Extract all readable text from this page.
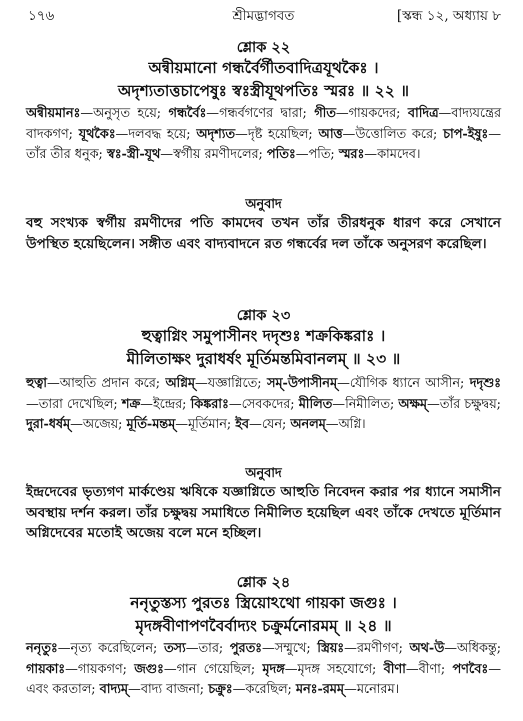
১৭৬	শ্রীমদ্ভাগবত	[স্কন্ধ ১২, অধ্যায় ৮
শ্লোক ২২
অন্বীয়মানো গন্ধর্বৈর্গীতবাদিত্রযূথকৈঃ ।
অদৃশ্যতাত্তচাপেষুঃ স্বঃস্ত্রীযূথপতিঃ স্মরঃ ॥ ২২ ॥
অন্বীয়মানঃ—অনুসৃত হয়ে; গন্ধর্বৈঃ—গন্ধর্বগণের দ্বারা; গীত—গায়কদের; বাদিত্র—বাদ্যযন্ত্রের বাদকগণ; যূথকৈঃ—দলবদ্ধ হয়ে; অদৃশ্যত—দৃষ্ট হয়েছিল; আত্ত—উত্তোলিত করে; চাপ-ইষুঃ—তাঁর তীর ধনুক; স্বঃ-স্ত্রী-যূথ—স্বর্গীয় রমণীদলের; পতিঃ—পতি; স্মরঃ—কামদেব।
অনুবাদ
বহু সংখ্যক স্বর্গীয় রমণীদের পতি কামদেব তখন তাঁর তীরধনুক ধারণ করে সেখানে উপস্থিত হয়েছিলেন। সঙ্গীত এবং বাদ্যবাদনে রত গন্ধর্বের দল তাঁকে অনুসরণ করেছিল।
শ্লোক ২৩
হুত্বাগ্নিং সমুপাসীনং দদৃশুঃ শক্রকিঙ্করাঃ ।
মীলিতাক্ষং দুরাধর্ষং মূর্তিমন্তমিবানলম্ ॥ ২৩ ॥
হুত্বা—আহুতি প্রদান করে; অগ্নিম্—যজ্ঞাগ্নিতে; সম্-উপাসীনম্—যৌগিক ধ্যানে আসীন; দদৃশুঃ—তারা দেখেছিল; শক্র—ইন্দ্রের; কিঙ্করাঃ—সেবকদের; মীলিত—নিমীলিত; অক্ষম্—তাঁর চক্ষুদ্বয়; দুরা-ধর্ষম্—অজেয়; মূর্তি-মন্তম্—মূর্তিমান; ইব—যেন; অনলম্—অগ্নি।
অনুবাদ
ইন্দ্রদেবের ভৃত্যগণ মার্কণ্ডেয় ঋষিকে যজ্ঞাগ্নিতে আহুতি নিবেদন করার পর ধ্যানে সমাসীন অবস্থায় দর্শন করল। তাঁর চক্ষুদ্বয় সমাধিতে নিমীলিত হয়েছিল এবং তাঁকে দেখতে মূর্তিমান অগ্নিদেবের মতোই অজেয় বলে মনে হচ্ছিল।
শ্লোক ২৪
ননৃতুস্তস্য পুরতঃ স্ত্রিয়োঽথো গায়কা জগুঃ ।
মৃদঙ্গবীণাপণবৈর্বাদ্যং চক্রুর্মনোরমম্ ॥ ২৪ ॥
ননৃতুঃ—নৃত্য করেছিলেন; তস্য—তার; পুরতঃ—সম্মুখে; স্ত্রিয়ঃ—রমণীগণ; অথ-উ—অধিকন্তু; গায়কাঃ—গায়কগণ; জগুঃ—গান গেয়েছিল; মৃদঙ্গ—মৃদঙ্গ সহযোগে; বীণা—বীণা; পণবৈঃ—এবং করতাল; বাদ্যম্—বাদ্য বাজনা; চক্রুঃ—করেছিল; মনঃ-রমম্—মনোরম।
